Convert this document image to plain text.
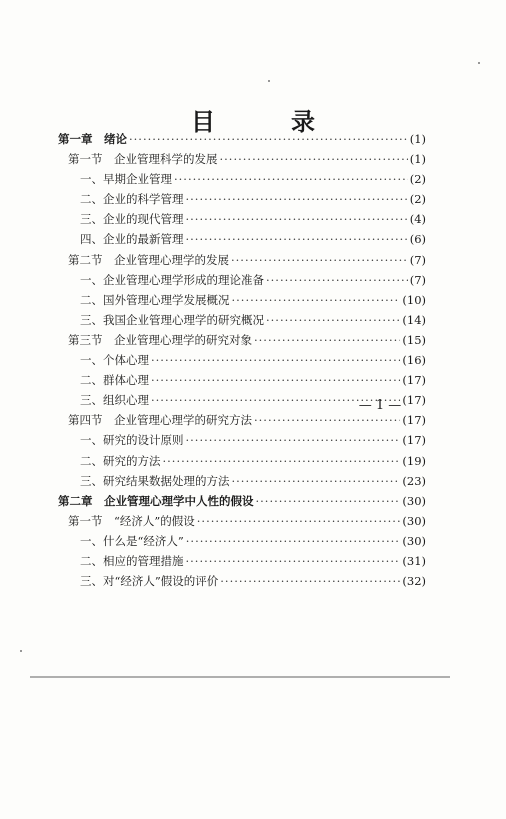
目　录
第一章　绪论 ·····	(1)
第一节　企业管理科学的发展 ·····	(1)
一、早期企业管理 ·····	(2)
二、企业的科学管理 ·····	(2)
三、企业的现代管理 ·····	(4)
四、企业的最新管理 ·····	(6)
第二节　企业管理心理学的发展 ·····	(7)
一、企业管理心理学形成的理论准备 ·····	(7)
二、国外管理心理学发展概况 ·····	(10)
三、我国企业管理心理学的研究概况 ·····	(14)
第三节　企业管理心理学的研究对象 ·····	(15)
一、个体心理 ·····	(16)
二、群体心理 ·····	(17)
三、组织心理 ·····	(17)
第四节　企业管理心理学的研究方法 ·····	(17)
一、研究的设计原则 ·····	(17)
二、研究的方法 ·····	(19)
三、研究结果数据处理的方法 ·····	(23)
第二章　企业管理心理学中人性的假设 ·····	(30)
第一节　“经济人”的假设 ·····	(30)
一、什么是“经济人” ·····	(30)
二、相应的管理措施 ·····	(31)
三、对“经济人”假设的评价 ·····	(32)
— 1 —
